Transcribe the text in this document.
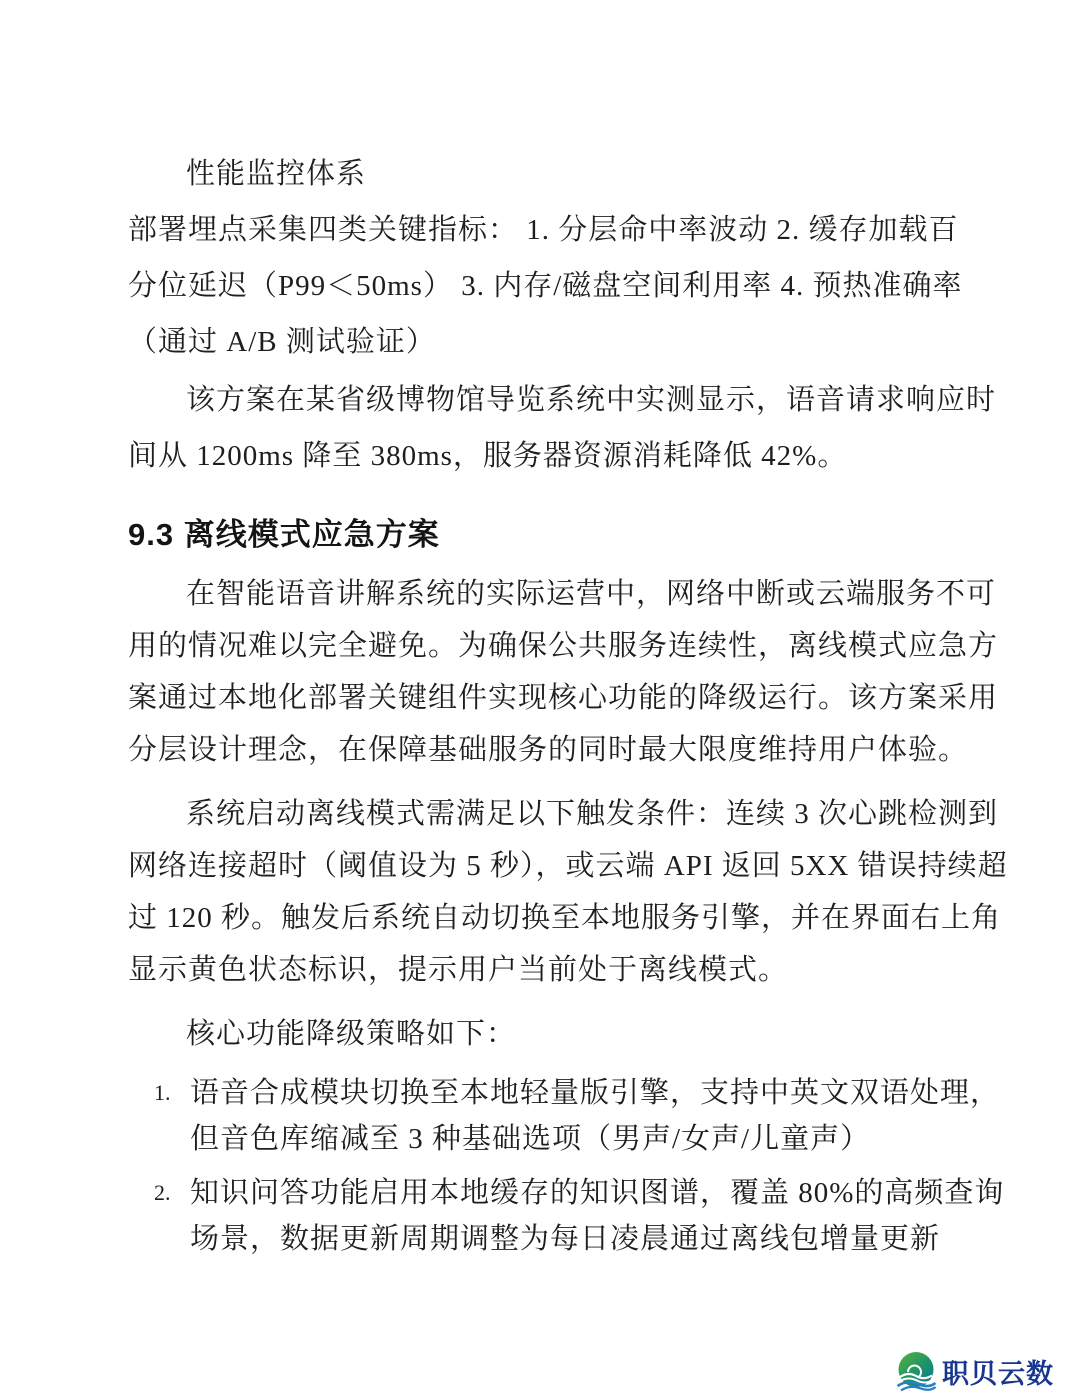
性能监控体系
部署埋点采集四类关键指标： 1. 分层命中率波动 2. 缓存加载百
分位延迟（P99＜50ms） 3. 内存/磁盘空间利用率 4. 预热准确率
（通过 A/B 测试验证）
该方案在某省级博物馆导览系统中实测显示，语音请求响应时
间从 1200ms 降至 380ms，服务器资源消耗降低 42%。
9.3 离线模式应急方案
在智能语音讲解系统的实际运营中，网络中断或云端服务不可
用的情况难以完全避免。为确保公共服务连续性，离线模式应急方
案通过本地化部署关键组件实现核心功能的降级运行。该方案采用
分层设计理念，在保障基础服务的同时最大限度维持用户体验。
系统启动离线模式需满足以下触发条件：连续 3 次心跳检测到
网络连接超时（阈值设为 5 秒），或云端 API 返回 5XX 错误持续超
过 120 秒。触发后系统自动切换至本地服务引擎，并在界面右上角
显示黄色状态标识，提示用户当前处于离线模式。
核心功能降级策略如下：
1. 语音合成模块切换至本地轻量版引擎，支持中英文双语处理，
但音色库缩减至 3 种基础选项（男声/女声/儿童声）
2. 知识问答功能启用本地缓存的知识图谱，覆盖 80%的高频查询
场景，数据更新周期调整为每日凌晨通过离线包增量更新
职贝云数
